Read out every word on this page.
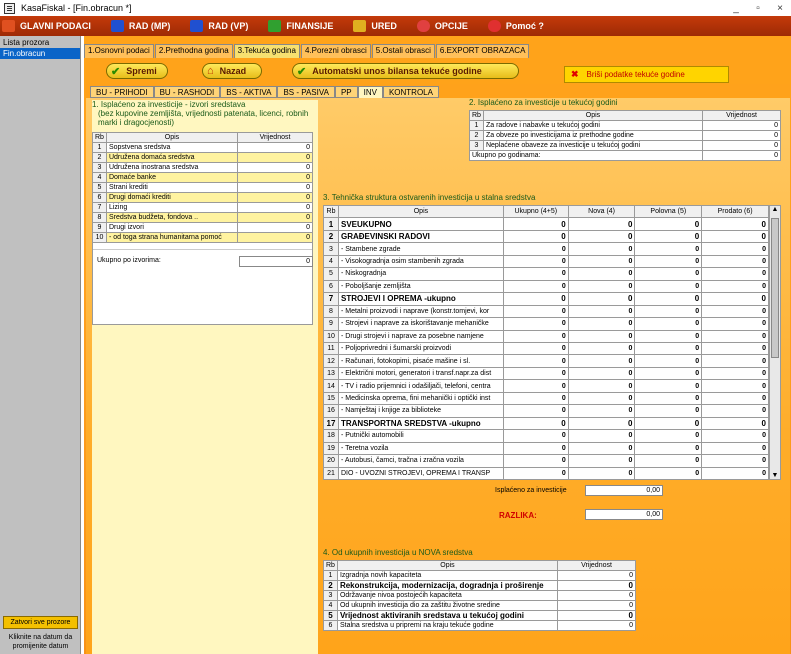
KasaFiskal - [Fin.obracun *]	_	▫	×
GLAVNI PODACI	RAD (MP)	RAD (VP)	FINANSIJE	URED	OPCIJE	Pomoć ?
Lista prozora
Fin.obracun
Zatvori sve prozore
Kliknite na datum da promijenite datum
1.Osnovni podaci	2.Prethodna godina	3.Tekuća godina	4.Porezni obrasci	5.Ostali obrasci	6.EXPORT OBRAZACA
✔ Spremi	⌂ Nazad	✔ Automatski unos bilansa tekuće godine	✖ Briši podatke tekuće godine
BU - PRIHODI	BU - RASHODI	BS - AKTIVA	BS - PASIVA	PP	INV	KONTROLA
1. Isplaćeno za investicije - izvori sredstava
(bez kupovine zemljišta, vrijednosti patenata, licenci, robnih marki i dragocjenosti)
Rb	Opis	Vrijednost
1	Sopstvena sredstva	0
2	Udružena domaća sredstva	0
3	Udružena inostrana sredstva	0
4	Domaće banke	0
5	Strani krediti	0
6	Drugi domaći krediti	0
7	Lizing	0
8	Sredstva budžeta, fondova ..	0
9	Drugi izvori	0
10	- od toga strana humanitarna pomoć	0
Ukupno po izvorima:	0
2. Isplaćeno za investicije u tekućoj godini
Rb	Opis	Vrijednost
1	Za radove i nabavke u tekućoj godini	0
2	Za obveze po investicijama iz prethodne godine	0
3	Neplaćene obaveze za investicije u tekućoj godini	0
Ukupno po godinama:		0
3. Tehnička struktura ostvarenih investicija u stalna sredstva
Rb	Opis	Ukupno (4+5)	Nova (4)	Polovna (5)	Prodato (6)
1	SVEUKUPNO	0	0	0	0
2	GRAĐEVINSKI RADOVI	0	0	0	0
3	- Stambene zgrade	0	0	0	0
4	- Visokogradnja osim stambenih zgrada	0	0	0	0
5	- Niskogradnja	0	0	0	0
6	- Poboljšanje zemljišta	0	0	0	0
7	STROJEVI I OPREMA -ukupno	0	0	0	0
8	- Metalni proizvodi i naprave (konstr.tomjevi, kor	0	0	0	0
9	- Strojevi i naprave za iskorištavanje mehaničke	0	0	0	0
10	- Drugi strojevi i naprave za posebne namjene	0	0	0	0
11	- Poljoprivredni i šumarski proizvodi	0	0	0	0
12	- Računari, fotokopimi, pisaće mašine i sl.	0	0	0	0
13	- Električni motori, generatori i transf.napr.za dist	0	0	0	0
14	- TV i radio prijemnici i odašiljači, telefoni, centra	0	0	0	0
15	- Medicinska oprema, fini mehanički i optički inst	0	0	0	0
16	- Namještaj i knjige za biblioteke	0	0	0	0
17	TRANSPORTNA SREDSTVA -ukupno	0	0	0	0
18	- Putnički automobili	0	0	0	0
19	- Teretna vozila	0	0	0	0
20	- Autobusi, čamci, tračna i zračna vozila	0	0	0	0
21	DIO - UVOZNI STROJEVI, OPREMA I TRANSP	0	0	0	0
▲
▼
Isplaćeno za investicije	0,00
RAZLIKA:	0,00
4. Od ukupnih investicija u NOVA sredstva
Rb	Opis	Vrijednost
1	Izgradnja novih kapaciteta	0
2	Rekonstrukcija, modernizacija, dogradnja i proširenje	0
3	Održavanje nivoa postojećih kapaciteta	0
4	Od ukupnih investicija dio za zaštitu životne sredine	0
5	Vrijednost aktiviranih sredstava u tekućoj godini	0
6	Stalna sredstva u pripremi na kraju tekuće godine	0
